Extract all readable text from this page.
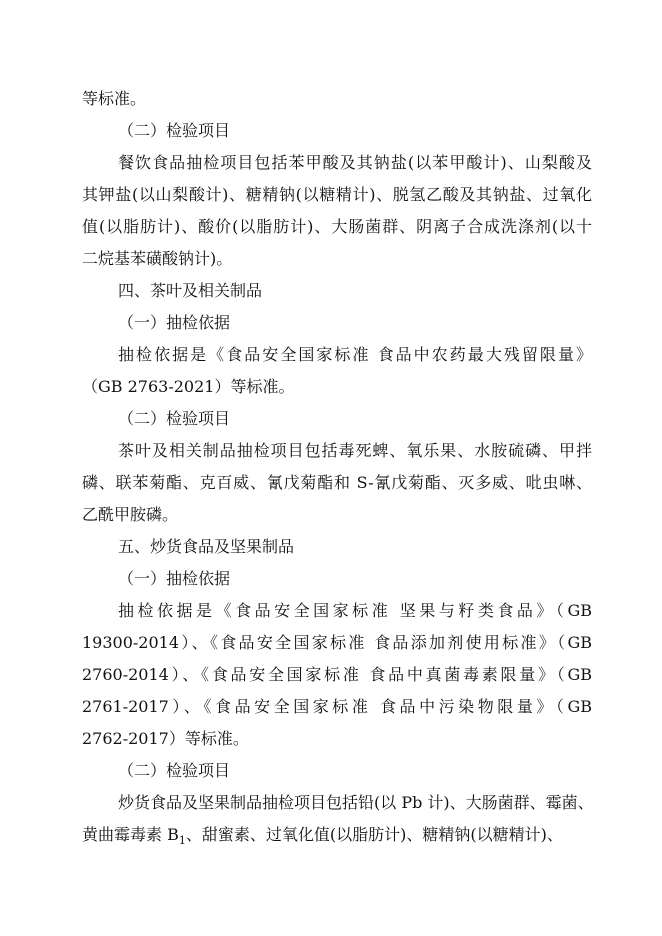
等标准。
（二）检验项目
餐饮食品抽检项目包括苯甲酸及其钠盐(以苯甲酸计)、山梨酸及
其钾盐(以山梨酸计)、糖精钠(以糖精计)、脱氢乙酸及其钠盐、过氧化
值(以脂肪计)、酸价(以脂肪计)、大肠菌群、阴离子合成洗涤剂(以十
二烷基苯磺酸钠计)。
四、茶叶及相关制品
（一）抽检依据
抽检依据是《食品安全国家标准 食品中农药最大残留限量》
（GB 2763-2021）等标准。
（二）检验项目
茶叶及相关制品抽检项目包括毒死蜱、氧乐果、水胺硫磷、甲拌
磷、联苯菊酯、克百威、氰戊菊酯和 S-氰戊菊酯、灭多威、吡虫啉、
乙酰甲胺磷。
五、炒货食品及坚果制品
（一）抽检依据
抽检依据是《食品安全国家标准 坚果与籽类食品》（GB
19300-2014）、《食品安全国家标准 食品添加剂使用标准》（GB
2760-2014）、《食品安全国家标准 食品中真菌毒素限量》（GB
2761-2017）、《食品安全国家标准 食品中污染物限量》（GB
2762-2017）等标准。
（二）检验项目
炒货食品及坚果制品抽检项目包括铅(以 Pb 计)、大肠菌群、霉菌、
黄曲霉毒素 $B_1$、甜蜜素、过氧化值(以脂肪计)、糖精钠(以糖精计)、
